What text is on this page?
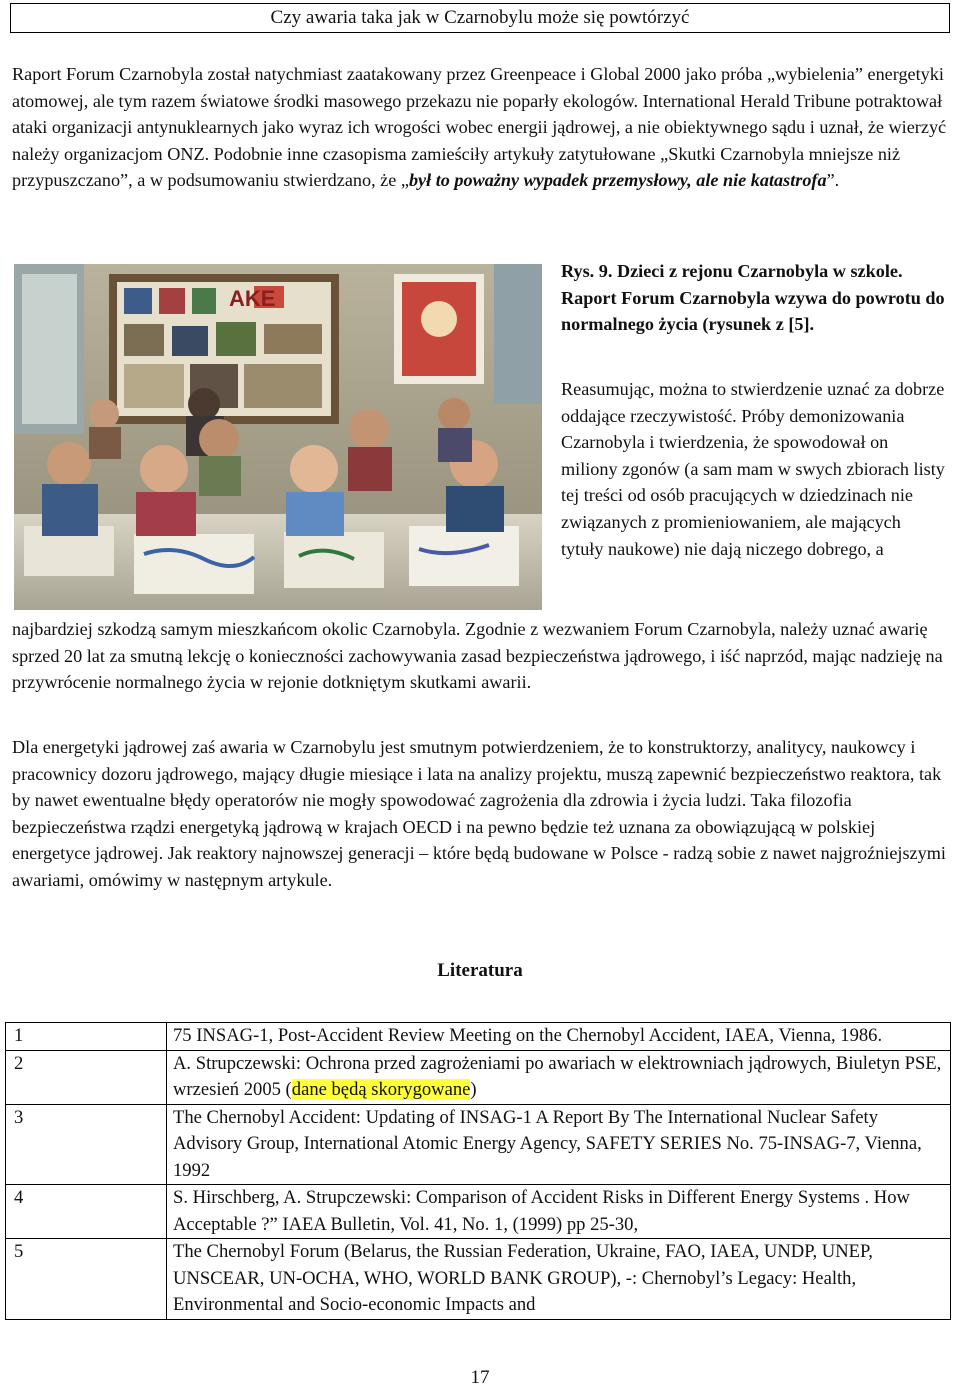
Czy awaria taka jak w Czarnobylu może się powtórzyć

Raport Forum Czarnobyla został natychmiast zaatakowany przez Greenpeace i Global 2000 jako próba „wybielenia” energetyki atomowej, ale tym razem światowe środki masowego przekazu nie poparły ekologów. International Herald Tribune potraktował ataki organizacji antynuklearnych jako wyraz ich wrogości wobec energii jądrowej, a nie obiektywnego sądu i uznał, że wierzyć należy organizacjom ONZ. Podobnie inne czasopisma zamieściły artykuły zatytułowane „Skutki Czarnobyla mniejsze niż przypuszczano”, a w podsumowaniu stwierdzano, że „był to poważny wypadek przemysłowy, ale nie katastrofa”.

AKE

Rys. 9. Dzieci z rejonu Czarnobyla w szkole. Raport Forum Czarnobyla wzywa do powrotu do normalnego życia (rysunek z [5].

Reasumując, można to stwierdzenie uznać za dobrze oddające rzeczywistość. Próby demonizowania Czarnobyla i twierdzenia, że spowodował on miliony zgonów (a sam mam w swych zbiorach listy tej treści od osób pracujących w dziedzinach nie związanych z promieniowaniem, ale mających tytuły naukowe) nie dają niczego dobrego, a

najbardziej szkodzą samym mieszkańcom okolic Czarnobyla. Zgodnie z wezwaniem Forum Czarnobyla, należy uznać awarię sprzed 20 lat za smutną lekcję o konieczności zachowywania zasad bezpieczeństwa jądrowego, i iść naprzód, mając nadzieję na przywrócenie normalnego życia w rejonie dotkniętym skutkami awarii.

Dla energetyki jądrowej zaś awaria w Czarnobylu jest smutnym potwierdzeniem, że to konstruktorzy, analitycy, naukowcy i pracownicy dozoru jądrowego, mający długie miesiące i lata na analizy projektu, muszą zapewnić bezpieczeństwo reaktora, tak by nawet ewentualne błędy operatorów nie mogły spowodować zagrożenia dla zdrowia i życia ludzi. Taka filozofia bezpieczeństwa rządzi energetyką jądrową w krajach OECD i na pewno będzie też uznana za obowiązującą w polskiej energetyce jądrowej. Jak reaktory najnowszej generacji – które będą budowane w Polsce - radzą sobie z nawet najgroźniejszymi awariami, omówimy w następnym artykule.

Literatura
1	75 INSAG-1, Post-Accident Review Meeting on the Chernobyl Accident, IAEA, Vienna, 1986.
2	A. Strupczewski: Ochrona przed zagrożeniami po awariach w elektrowniach jądrowych, Biuletyn PSE, wrzesień 2005 (dane będą skorygowane)
3	The Chernobyl Accident: Updating of INSAG-1 A Report By The International Nuclear Safety Advisory Group, International Atomic Energy Agency, SAFETY SERIES No. 75-INSAG-7, Vienna, 1992
4	S. Hirschberg, A. Strupczewski: Comparison of Accident Risks in Different Energy Systems . How Acceptable ?” IAEA Bulletin, Vol. 41, No. 1, (1999) pp 25-30,
5	The Chernobyl Forum (Belarus, the Russian Federation, Ukraine, FAO, IAEA, UNDP, UNEP, UNSCEAR, UN-OCHA, WHO, WORLD BANK GROUP), -: Chernobyl’s Legacy: Health, Environmental and Socio-economic Impacts and
17
